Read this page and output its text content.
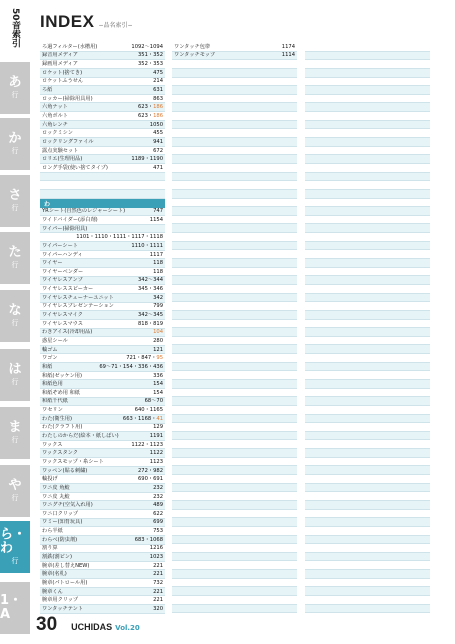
50音索引
あ
行
か
行
さ
行
た
行
な
行
は
行
ま
行
や
行
ら・わ
行
1・A
INDEX −品名索引−
ろ過フィルター(水槽用)	1092〜1094
録音用メディア	351・352
録画用メディア	352・353
ロケット(捨てき)	475
ロケットふうせん	214
ろ紙	631
ロッカー(掃除用具用)	863
六角ナット	623・186
六角ボルト	623・186
六角レンチ	1050
ロックミシン	455
ロックリングファイル	941
露点実験セット	672
ロリエ(生理用品)	1189・1190
ロング手袋(使い捨てタイプ)	471
わ
YRシート(自然色のレジャーシート)	747
ワイドバイダー(添白剤)	1154
ワイパー(掃除用具)
1101・1110・1111・1117・1118
ワイパーシート	1110・1111
ワイパーハンディ	1117
ワイヤー	118
ワイヤーベンダー	118
ワイヤレスアンプ	342〜344
ワイヤレススピーカー	345・346
ワイヤレスチューナーユニット	342
ワイヤレスプレゼンテーション	799
ワイヤレスマイク	342〜345
ワイヤレスマウス	818・819
わきアイス(冷却用品)	104
惑星シール	280
輪ゴム	121
ワゴン	721・847・95
和紙	69〜71・154・336・436
和紙(ゼッケン用)	336
和紙色用	154
和紙ぞめ用 和紙	154
和紙千代紙	68〜70
ワセリン	640・1165
わた(衛生用)	663・1168・41
わた(クラフト用)	129
わたしのからだ(絵本・紙しばい)	1191
ワックス	1122・1123
ワックスタンク	1122
ワックスモップ・糸シート	1123
ワッペン(貼る刺繍)	272・982
輪投げ	690・691
ワニ皮 角鮫	232
ワニ皮 丸鮫	232
ワニグチ(空気入れ用)	489
ワニ口クリップ	622
ワミー(知育玩具)	699
わら半紙	753
わらべ(防虫剤)	683・1068
割り算	1216
割鉄(割ピン)	1023
腕章(差し替えNEW)	221
腕章(名札)	221
腕章(パトロール用)	732
腕章くん	221
腕章用クリップ	221
ワンタッチテント	320
ワンタッチ包帯	1174
ワンタッチモップ	1114
30 UCHIDAS Vol.20
